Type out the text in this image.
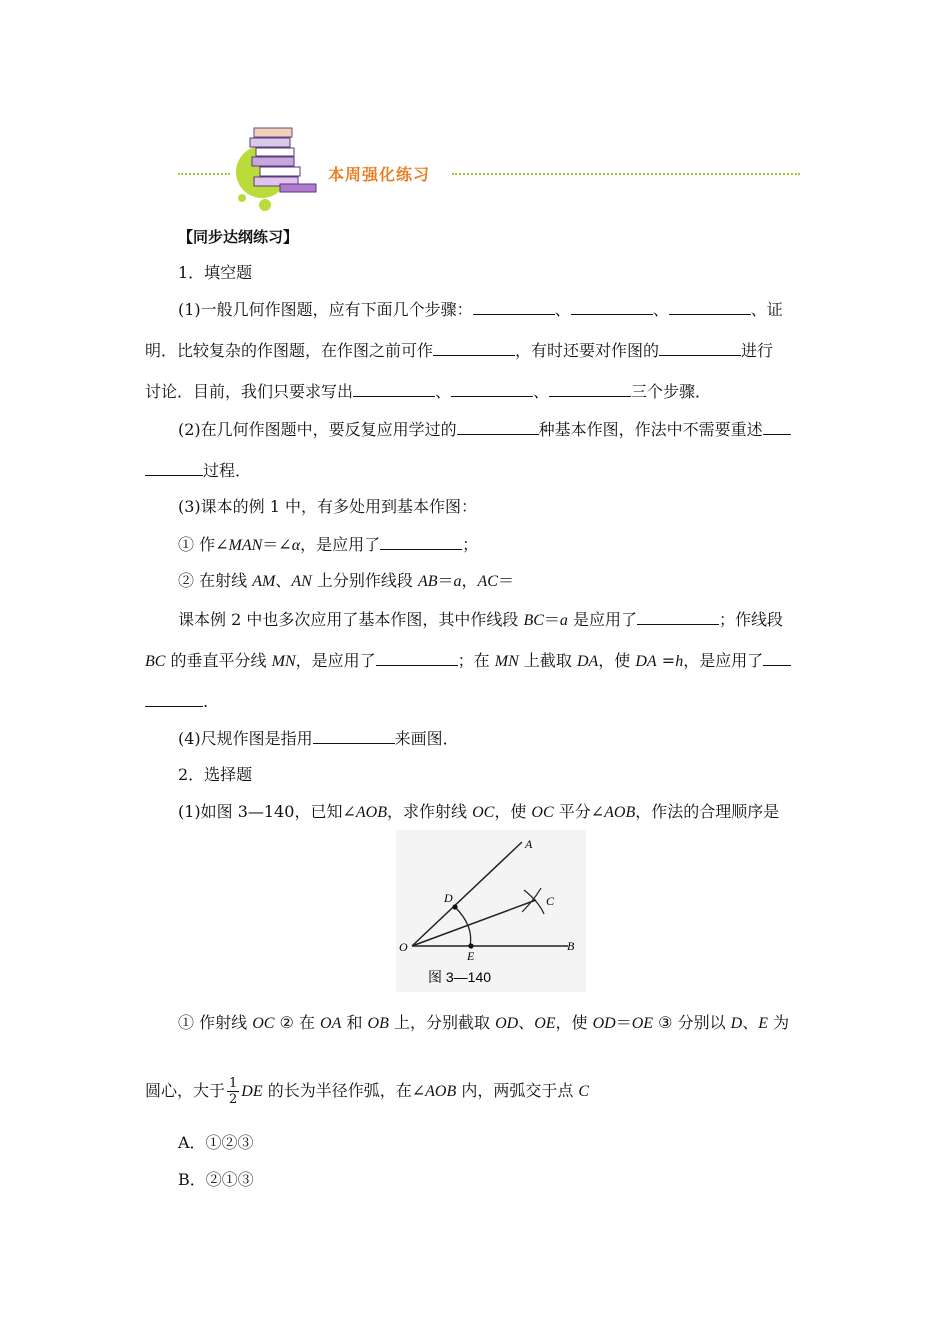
本周强化练习
【同步达纲练习】
1．填空题
(1)一般几何作图题，应有下面几个步骤：	、	、	、证
明．比较复杂的作图题，在作图之前可作	，有时还要对作图的	进行
讨论．目前，我们只要求写出	、	、	三个步骤．
(2)在几何作图题中，要反复应用学过的	种基本作图，作法中不需要重述
过程．
(3)课本的例 1 中，有多处用到基本作图：
① 作∠MAN＝∠α，是应用了	；
② 在射线 AM、AN 上分别作线段 AB＝a，AC＝
课本例 2 中也多次应用了基本作图，其中作线段 BC＝a 是应用了	；作线段
BC 的垂直平分线 MN，是应用了	；在 MN 上截取 DA，使 DA =h，是应用了
.
(4)尺规作图是指用	来画图．
2．选择题
(1)如图 3—140，已知∠AOB，求作射线 OC，使 OC 平分∠AOB，作法的合理顺序是
A
B
C
D
E
O
图 3—140
① 作射线 OC ② 在 OA 和 OB 上，分别截取 OD、OE，使 OD＝OE ③ 分别以 D、E 为
圆心，大于 $\frac{1}{2}$ DE 的长为半径作弧，在∠AOB 内，两弧交于点 C
A．①②③
B．②①③
